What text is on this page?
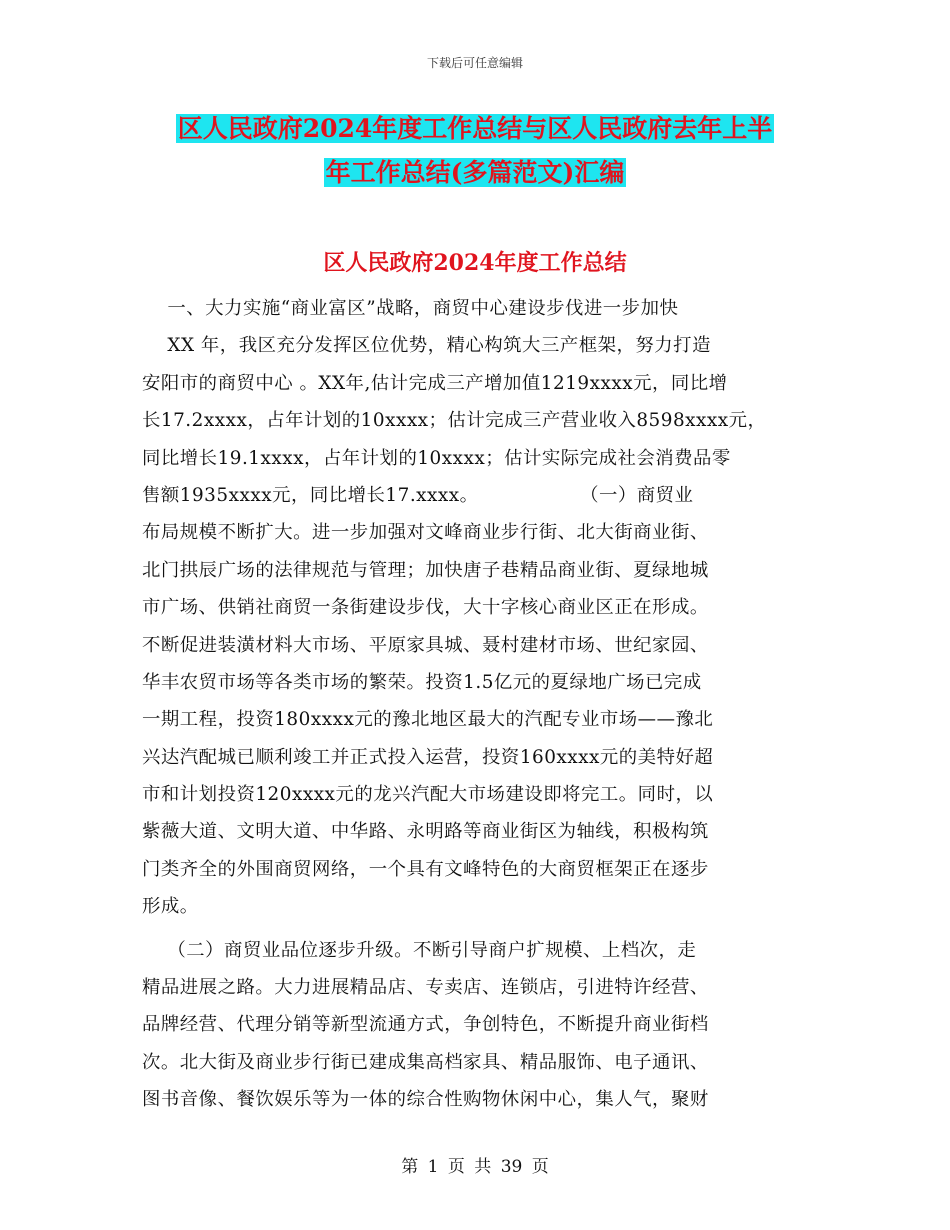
下载后可任意编辑
区人民政府2024年度工作总结与区人民政府去年上半
年工作总结(多篇范文)汇编
区人民政府2024年度工作总结
一、大力实施“商业富区”战略，商贸中心建设步伐进一步加快
XX 年，我区充分发挥区位优势，精心构筑大三产框架，努力打造
安阳市的商贸中心 。XX年,估计完成三产增加值1219xxxx元，同比增
长17.2xxxx，占年计划的10xxxx；估计完成三产营业收入8598xxxx元，
同比增长19.1xxxx，占年计划的10xxxx；估计实际完成社会消费品零
售额1935xxxx元，同比增长17.xxxx。                （一）商贸业
布局规模不断扩大。进一步加强对文峰商业步行街、北大街商业街、
北门拱辰广场的法律规范与管理；加快唐子巷精品商业街、夏绿地城
市广场、供销社商贸一条街建设步伐，大十字核心商业区正在形成。
不断促进装潢材料大市场、平原家具城、聂村建材市场、世纪家园、
华丰农贸市场等各类市场的繁荣。投资1.5亿元的夏绿地广场已完成
一期工程，投资180xxxx元的豫北地区最大的汽配专业市场——豫北
兴达汽配城已顺利竣工并正式投入运营，投资160xxxx元的美特好超
市和计划投资120xxxx元的龙兴汽配大市场建设即将完工。同时，以
紫薇大道、文明大道、中华路、永明路等商业街区为轴线，积极构筑
门类齐全的外围商贸网络，一个具有文峰特色的大商贸框架正在逐步
形成。
（二）商贸业品位逐步升级。不断引导商户扩规模、上档次，走
精品进展之路。大力进展精品店、专卖店、连锁店，引进特许经营、
品牌经营、代理分销等新型流通方式，争创特色，不断提升商业街档
次。北大街及商业步行街已建成集高档家具、精品服饰、电子通讯、
图书音像、餐饮娱乐等为一体的综合性购物休闲中心，集人气，聚财
第 1 页 共 39 页
